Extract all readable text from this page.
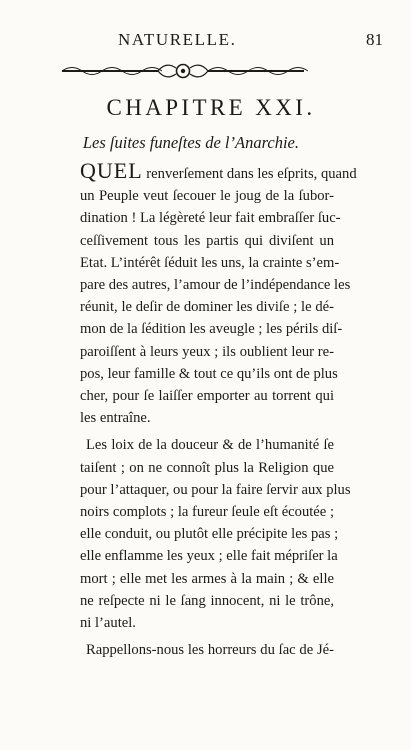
NATURELLE.	81
CHAPITRE XXI.
Les ſuites funeſtes de l’Anarchie.
QUEL renverſement dans les eſprits, quand
un Peuple veut ſecouer le joug de la ſubor-
dination ! La légèreté leur fait embraſſer ſuc-
ceſſivement tous les partis qui diviſent un
Etat. L’intérêt ſéduit les uns, la crainte s’em-
pare des autres, l’amour de l’indépendance les
réunit, le deſir de dominer les diviſe ; le dé-
mon de la ſédition les aveugle ; les périls diſ-
paroiſſent à leurs yeux ; ils oublient leur re-
pos, leur famille & tout ce qu’ils ont de plus
cher, pour ſe laiſſer emporter au torrent qui
les entraîne.
Les loix de la douceur & de l’humanité ſe
taiſent ; on ne connoît plus la Religion que
pour l’attaquer, ou pour la faire ſervir aux plus
noirs complots ; la fureur ſeule eſt écoutée ;
elle conduit, ou plutôt elle précipite les pas ;
elle enflamme les yeux ; elle fait mépriſer la
mort ; elle met les armes à la main ; & elle
ne reſpecte ni le ſang innocent, ni le trône,
ni l’autel.
Rappellons-nous les horreurs du ſac de Jé-
